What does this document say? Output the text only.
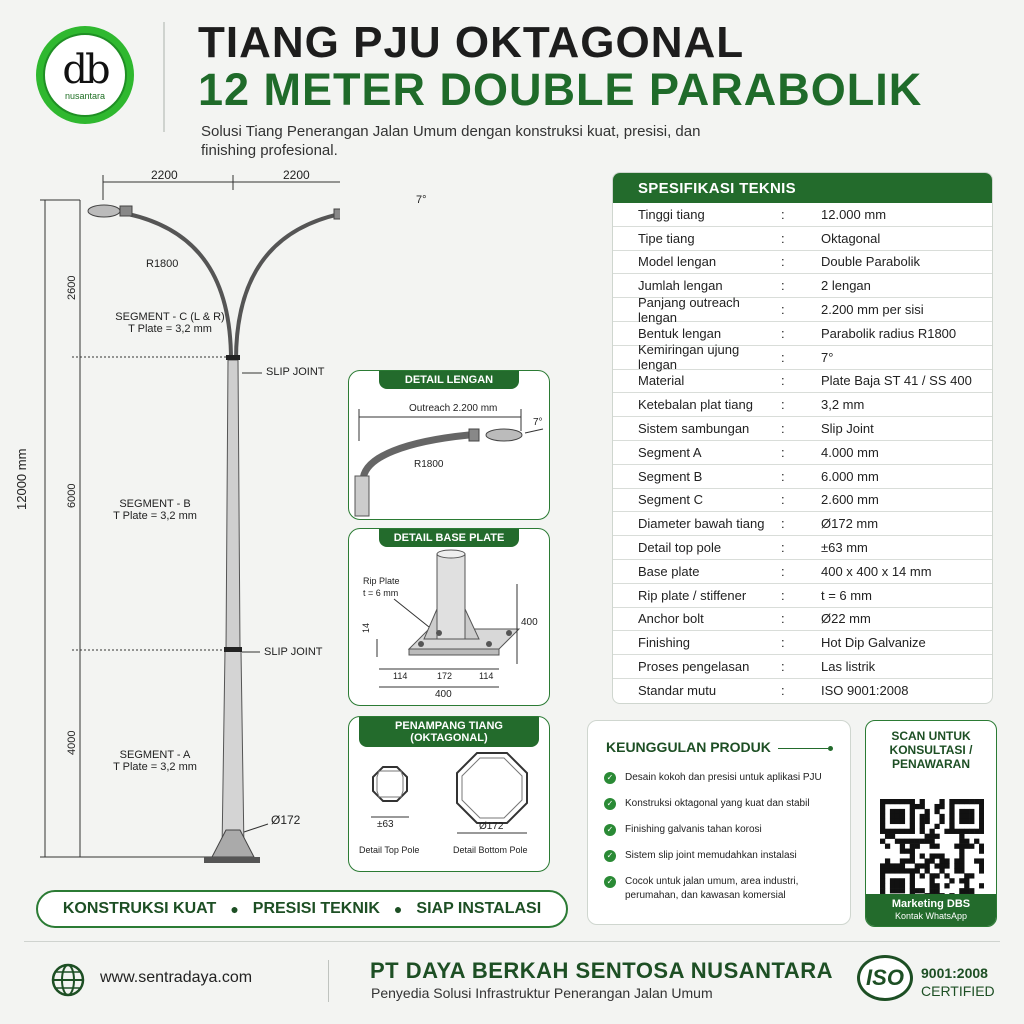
db
nusantara
TIANG PJU OKTAGONAL
12 METER DOUBLE PARABOLIK
Solusi Tiang Penerangan Jalan Umum dengan konstruksi kuat, presisi, dan finishing profesional.
2200	2200
7°
R1800
12000 mm
2600
6000
4000
SEGMENT - C (L & R)
T Plate = 3,2 mm
SEGMENT - B
T Plate = 3,2 mm
SEGMENT - A
T Plate = 3,2 mm
SLIP JOINT
SLIP JOINT
Ø172
DETAIL LENGAN
Outreach 2.200 mm
7°
R1800
DETAIL BASE PLATE
Rip Plate
t = 6 mm
14	400
114	172	114
400
PENAMPANG TIANG (OKTAGONAL)
±63	Ø172
Detail Top Pole	Detail Bottom Pole
SPESIFIKASI TEKNIS
Tinggi tiang	:	12.000 mm
Tipe tiang	:	Oktagonal
Model lengan	:	Double Parabolik
Jumlah lengan	:	2 lengan
Panjang outreach lengan
:	2.200 mm per sisi
Bentuk lengan	:	Parabolik radius R1800
Kemiringan ujung lengan
:	7°
Material	:	Plate Baja ST 41 / SS 400
Ketebalan plat tiang	:	3,2 mm
Sistem sambungan	:	Slip Joint
Segment A	:	4.000 mm
Segment B	:	6.000 mm
Segment C	:	2.600 mm
Diameter bawah tiang	:	Ø172 mm
Detail top pole	:	±63 mm
Base plate	:	400 x 400 x 14 mm
Rip plate / stiffener	:	t = 6 mm
Anchor bolt	:	Ø22 mm
Finishing	:	Hot Dip Galvanize
Proses pengelasan	:	Las listrik
Standar mutu	:	ISO 9001:2008
KEUNGGULAN PRODUK
✓ Desain kokoh dan presisi untuk aplikasi PJU
✓ Konstruksi oktagonal yang kuat dan stabil
✓ Finishing galvanis tahan korosi
✓ Sistem slip joint memudahkan instalasi
✓ Cocok untuk jalan umum, area industri, perumahan, dan kawasan komersial
SCAN UNTUK KONSULTASI / PENAWARAN
Marketing DBS
Kontak WhatsApp
KONSTRUKSI KUAT ● PRESISI TEKNIK ● SIAP INSTALASI
www.sentradaya.com	PT DAYA BERKAH SENTOSA NUSANTARA
Penyedia Solusi Infrastruktur Penerangan Jalan Umum
ISO	9001:2008
CERTIFIED
